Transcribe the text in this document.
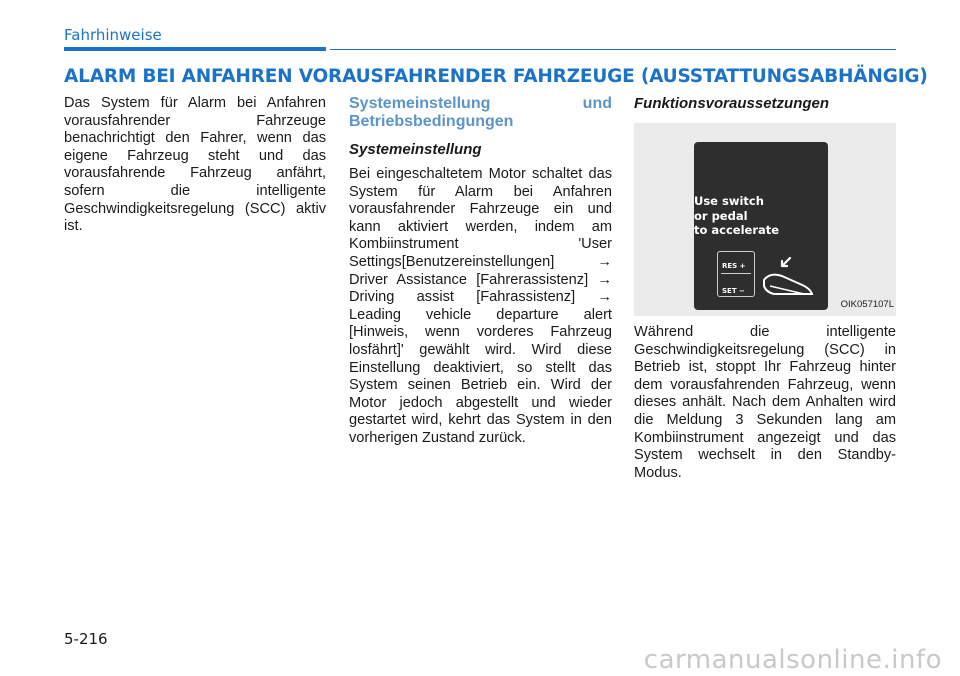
Fahrhinweise
ALARM BEI ANFAHREN VORAUSFAHRENDER FAHRZEUGE (AUSSTATTUNGSABHÄNGIG)

Das System für Alarm bei Anfahren vorausfahrender Fahrzeuge benachrichtigt den Fahrer, wenn das eigene Fahrzeug steht und das vorausfahrende Fahrzeug anfährt, sofern die intelligente Geschwindigkeitsregelung (SCC) aktiv ist.

Systemeinstellung und Betriebsbedingungen
Systemeinstellung

Bei eingeschaltetem Motor schaltet das System für Alarm bei Anfahren vorausfahrender Fahrzeuge ein und kann aktiviert werden, indem am Kombiinstrument 'User Settings[Benutzereinstellungen] → Driver Assistance [Fahrerassistenz] → Driving assist [Fahrassistenz] → Leading vehicle departure alert [Hinweis, wenn vorderes Fahrzeug losfährt]' gewählt wird. Wird diese Einstellung deaktiviert, so stellt das System seinen Betrieb ein. Wird der Motor jedoch abgestellt und wieder gestartet wird, kehrt das System in den vorherigen Zustand zurück.

Funktionsvoraussetzungen
Use switch
or pedal
to accelerate
RES +
SET −
OIK057107L

Während die intelligente Geschwindigkeitsregelung (SCC) in Betrieb ist, stoppt Ihr Fahrzeug hinter dem vorausfahrenden Fahrzeug, wenn dieses anhält. Nach dem Anhalten wird die Meldung 3 Sekunden lang am Kombiinstrument angezeigt und das System wechselt in den Standby-Modus.

5-216
carmanualsonline.info
